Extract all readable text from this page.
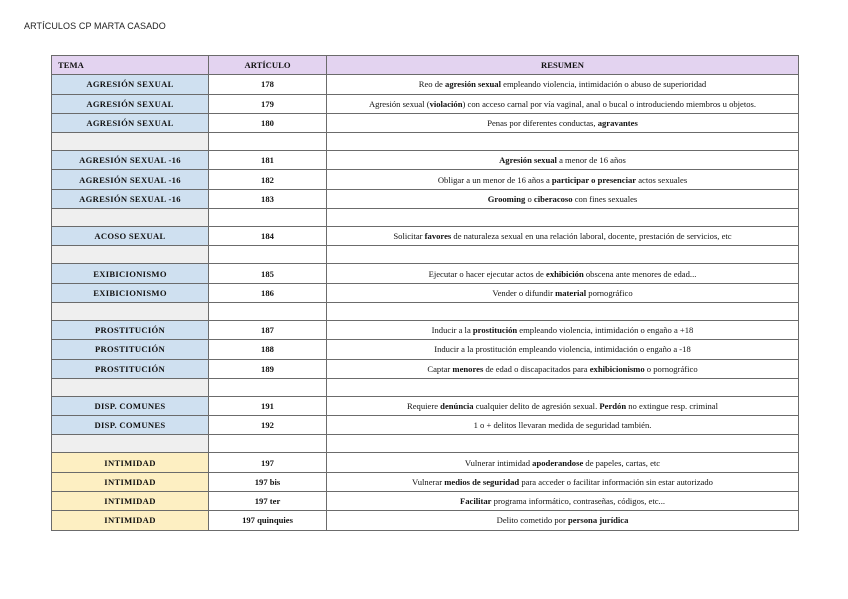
ARTÍCULOS CP MARTA CASADO
TEMA	ARTÍCULO	RESUMEN
AGRESIÓN SEXUAL	178	Reo de agresión sexual empleando violencia, intimidación o abuso de superioridad
AGRESIÓN SEXUAL	179	Agresión sexual (violación) con acceso carnal por vía vaginal, anal o bucal o introduciendo miembros u objetos.
AGRESIÓN SEXUAL	180	Penas por diferentes conductas, agravantes

AGRESIÓN SEXUAL -16	181	Agresión sexual a menor de 16 años
AGRESIÓN SEXUAL -16	182	Obligar a un menor de 16 años a participar o presenciar actos sexuales
AGRESIÓN SEXUAL -16	183	Grooming o ciberacoso con fines sexuales

ACOSO SEXUAL	184	Solicitar favores de naturaleza sexual en una relación laboral, docente, prestación de servicios, etc

EXIBICIONISMO	185	Ejecutar o hacer ejecutar actos de exhibición obscena ante menores de edad...
EXIBICIONISMO	186	Vender o difundir material pornográfico

PROSTITUCIÓN	187	Inducir a la prostitución empleando violencia, intimidación o engaño a +18
PROSTITUCIÓN	188	Inducir a la prostitución empleando violencia, intimidación o engaño a -18
PROSTITUCIÓN	189	Captar menores de edad o discapacitados para exhibicionismo o pornográfico

DISP. COMUNES	191	Requiere denúncia cualquier delito de agresión sexual. Perdón no extingue resp. criminal
DISP. COMUNES	192	1 o + delitos llevaran medida de seguridad también.

INTIMIDAD	197	Vulnerar intimidad apoderandose de papeles, cartas, etc
INTIMIDAD	197 bis	Vulnerar medios de seguridad para acceder o facilitar información sin estar autorizado
INTIMIDAD	197 ter	Facilitar programa informático, contraseñas, códigos, etc...
INTIMIDAD	197 quinquies	Delito cometido por persona jurídica
